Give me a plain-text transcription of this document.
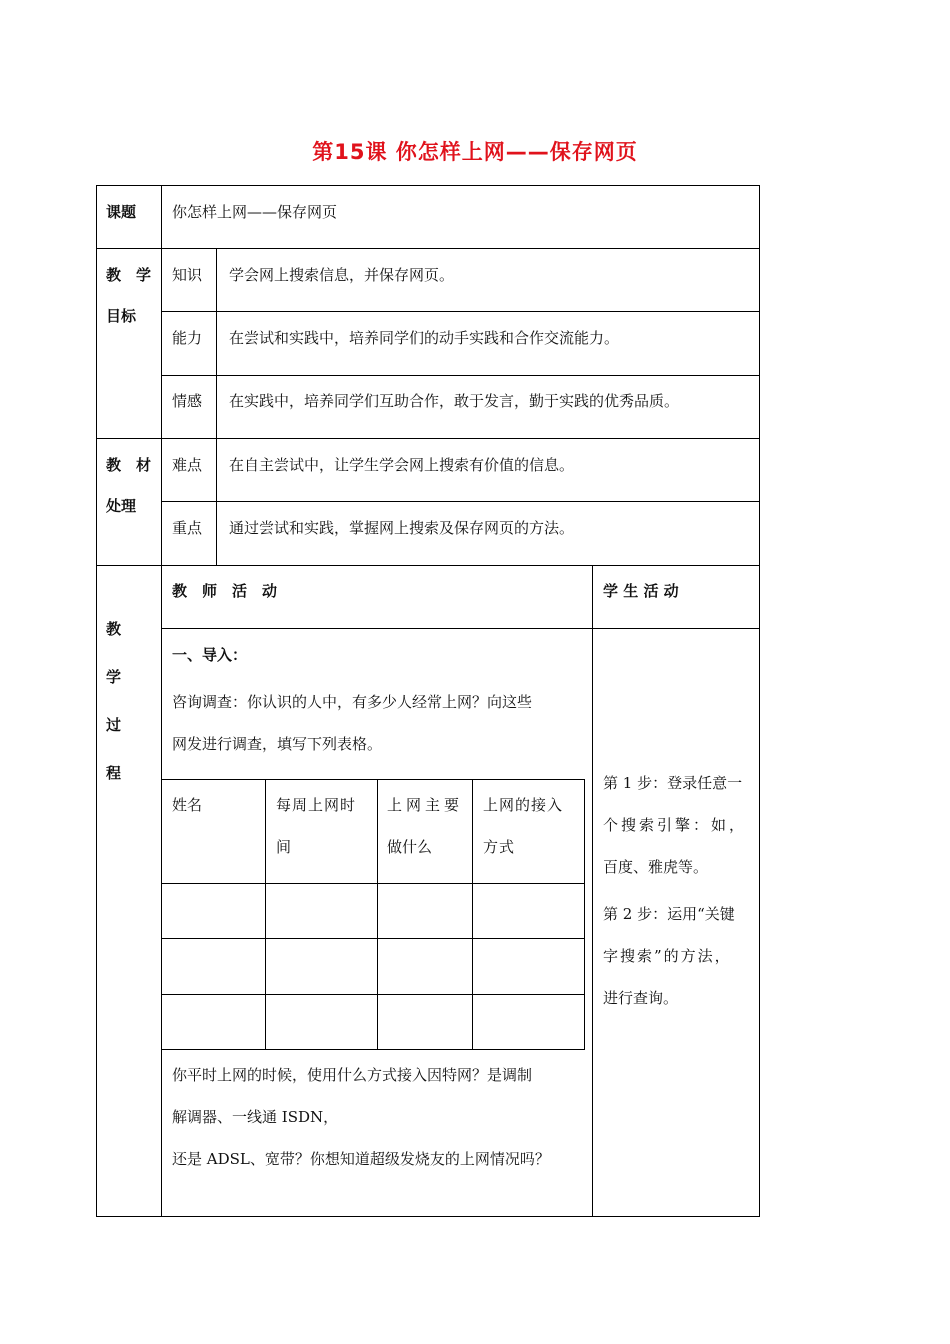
第15课 你怎样上网——保存网页
课题 你怎样上网——保存网页
教　学
目标
知识 学会网上搜索信息，并保存网页。
能力 在尝试和实践中，培养同学们的动手实践和合作交流能力。
情感 在实践中，培养同学们互助合作，敢于发言，勤于实践的优秀品质。
教　材
处理
难点 在自主尝试中，让学生学会网上搜索有价值的信息。
重点 通过尝试和实践，掌握网上搜索及保存网页的方法。
教
学
过
程
教　师　活　动	学 生 活 动
一、导入：
咨询调查：你认识的人中，有多少人经常上网？向这些
网发进行调查，填写下列表格。
姓名	每周上网时
间
上网主要
做什么
上网的接入
方式
你平时上网的时候，使用什么方式接入因特网？是调制
解调器、一线通 ISDN，
还是 ADSL、宽带？你想知道超级发烧友的上网情况吗？
第 1 步：登录任意一
个搜索引擎：如，
百度、雅虎等。
第 2 步：运用“关键
字搜索”的方法，
进行查询。
